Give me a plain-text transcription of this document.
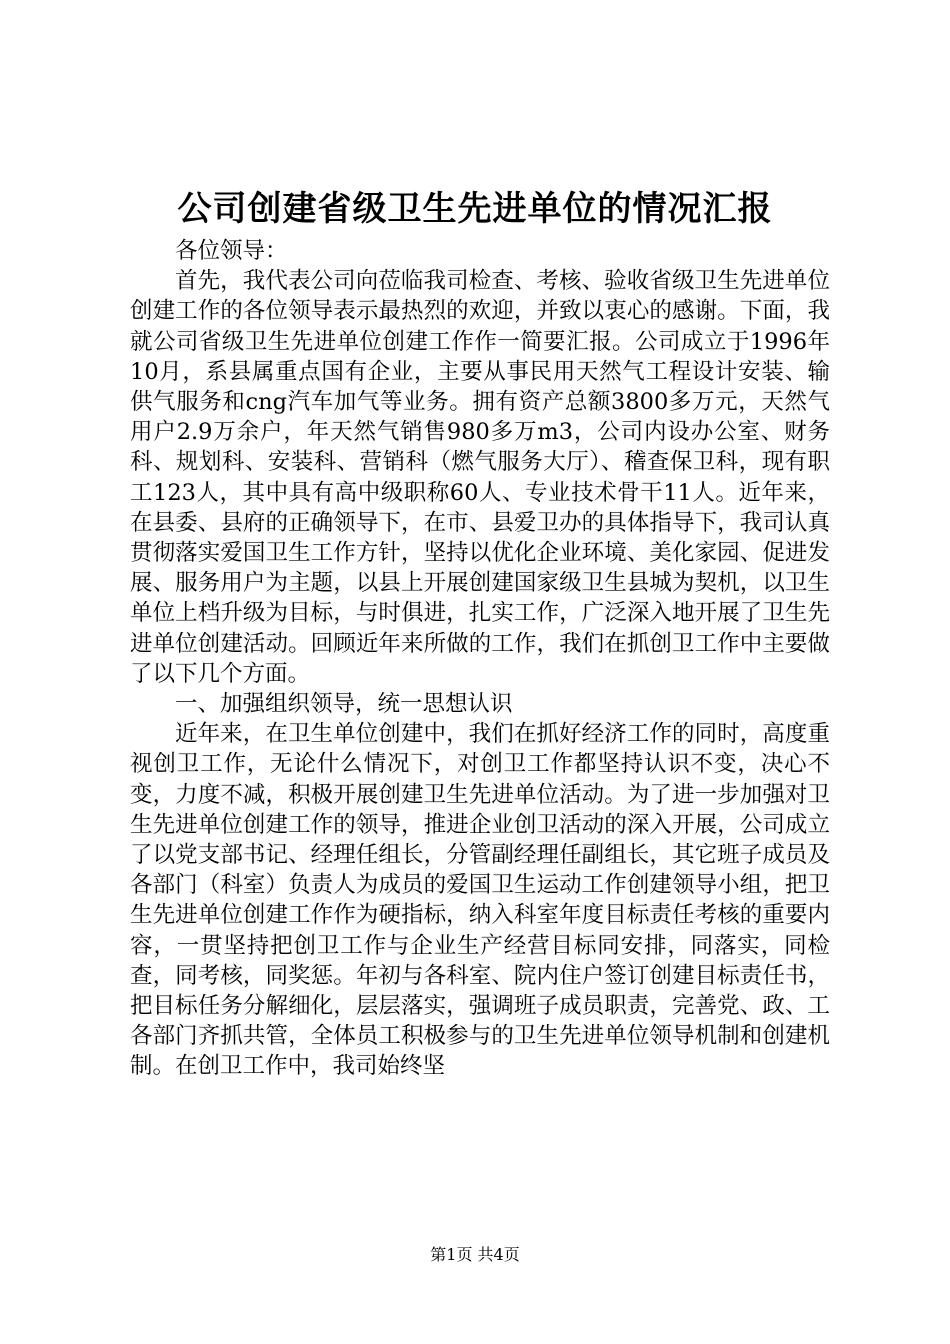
公司创建省级卫生先进单位的情况汇报

各位领导：

首先，我代表公司向莅临我司检查、考核、验收省级卫生先进单位创建工作的各位领导表示最热烈的欢迎，并致以衷心的感谢。下面，我就公司省级卫生先进单位创建工作作一简要汇报。公司成立于1996年10月，系县属重点国有企业，主要从事民用天然气工程设计安装、输供气服务和cng汽车加气等业务。拥有资产总额3800多万元，天然气用户2.9万余户，年天然气销售980多万m3，公司内设办公室、财务科、规划科、安装科、营销科（燃气服务大厅）、稽查保卫科，现有职工123人，其中具有高中级职称60人、专业技术骨干11人。近年来，在县委、县府的正确领导下，在市、县爱卫办的具体指导下，我司认真贯彻落实爱国卫生工作方针，坚持以优化企业环境、美化家园、促进发展、服务用户为主题，以县上开展创建国家级卫生县城为契机，以卫生单位上档升级为目标，与时俱进，扎实工作，广泛深入地开展了卫生先进单位创建活动。回顾近年来所做的工作，我们在抓创卫工作中主要做了以下几个方面。

一、加强组织领导，统一思想认识

近年来，在卫生单位创建中，我们在抓好经济工作的同时，高度重视创卫工作，无论什么情况下，对创卫工作都坚持认识不变，决心不变，力度不减，积极开展创建卫生先进单位活动。为了进一步加强对卫生先进单位创建工作的领导，推进企业创卫活动的深入开展，公司成立了以党支部书记、经理任组长，分管副经理任副组长，其它班子成员及各部门（科室）负责人为成员的爱国卫生运动工作创建领导小组，把卫生先进单位创建工作作为硬指标，纳入科室年度目标责任考核的重要内容，一贯坚持把创卫工作与企业生产经营目标同安排，同落实，同检查，同考核，同奖惩。年初与各科室、院内住户签订创建目标责任书，把目标任务分解细化，层层落实，强调班子成员职责，完善党、政、工各部门齐抓共管，全体员工积极参与的卫生先进单位领导机制和创建机制。在创卫工作中，我司始终坚

第1页 共4页
